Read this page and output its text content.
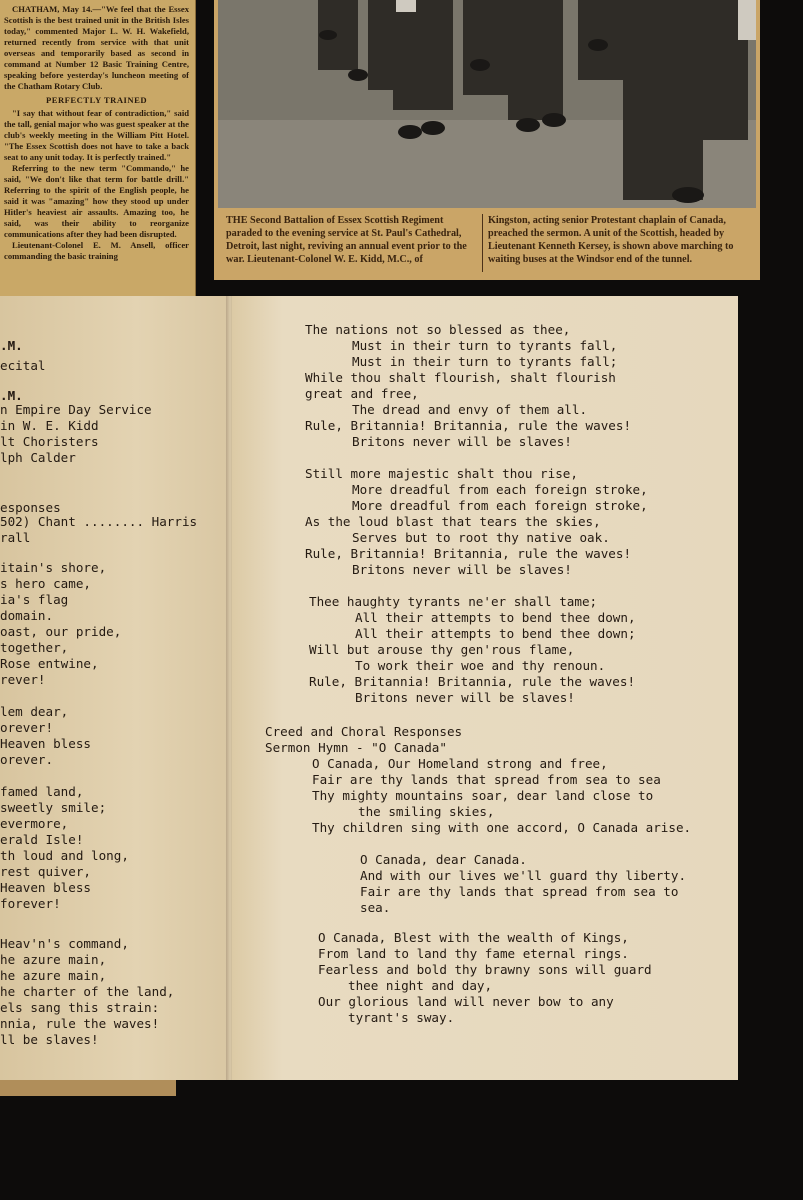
CHATHAM, May 14.—"We feel that the Essex Scottish is the best trained unit in the British Isles today," commented Major L. W. H. Wakefield, returned recently from service with that unit overseas and temporarily based as second in command at Number 12 Basic Training Centre, speaking before yesterday's luncheon meeting of the Chatham Rotary Club.

PERFECTLY TRAINED

"I say that without fear of contradiction," said the tall, genial major who was guest speaker at the club's weekly meeting in the William Pitt Hotel. "The Essex Scottish does not have to take a back seat to any unit today. It is perfectly trained."

Referring to the new term "Commando," he said, "We don't like that term for battle drill." Referring to the spirit of the English people, he said it was "amazing" how they stood up under Hitler's heaviest air assaults. Amazing too, he said, was their ability to reorganize communications after they had been disrupted.

Lieutenant-Colonel E. M. Ansell, officer commanding the basic training

THE Second Battalion of Essex Scottish Regiment paraded to the evening service at St. Paul's Cathedral, Detroit, last night, reviving an annual event prior to the war. Lieutenant-Colonel W. E. Kidd, M.C., of
Kingston, acting senior Protestant chaplain of Canada, preached the sermon. A unit of the Scottish, headed by Lieutenant Kenneth Kersey, is shown above marching to waiting buses at the Windsor end of the tunnel.
.M.
ecital
.M.
n Empire Day Service
in W. E. Kidd
lt Choristers
lph Calder
esponses
502) Chant ........ Harris
rall
itain's shore,
s hero came,
ia's flag
domain.
oast, our pride,
together,
Rose entwine,
rever!
lem dear,
orever!
Heaven bless
orever.
famed land,
sweetly smile;
evermore,
erald Isle!
th loud and long,
rest quiver,
Heaven bless
forever!
Heav'n's command,
he azure main,
he azure main,
he charter of the land,
els sang this strain:
nnia, rule the waves!
ll be slaves!
The nations not so blessed as thee,
Must in their turn to tyrants fall,
Must in their turn to tyrants fall;
While thou shalt flourish, shalt flourish
great and free,
The dread and envy of them all.
Rule, Britannia! Britannia, rule the waves!
Britons never will be slaves!
Still more majestic shalt thou rise,
More dreadful from each foreign stroke,
More dreadful from each foreign stroke,
As the loud blast that tears the skies,
Serves but to root thy native oak.
Rule, Britannia! Britannia, rule the waves!
Britons never will be slaves!
Thee haughty tyrants ne'er shall tame;
All their attempts to bend thee down,
All their attempts to bend thee down;
Will but arouse thy gen'rous flame,
To work their woe and thy renoun.
Rule, Britannia! Britannia, rule the waves!
Britons never will be slaves!
Creed and Choral Responses
Sermon Hymn - "O Canada"
O Canada, Our Homeland strong and free,
Fair are thy lands that spread from sea to sea
Thy mighty mountains soar, dear land close to
the smiling skies,
Thy children sing with one accord, O Canada arise.
O Canada, dear Canada.
And with our lives we'll guard thy liberty.
Fair are thy lands that spread from sea to
sea.
O Canada, Blest with the wealth of Kings,
From land to land thy fame eternal rings.
Fearless and bold thy brawny sons will guard
thee night and day,
Our glorious land will never bow to any
tyrant's sway.
